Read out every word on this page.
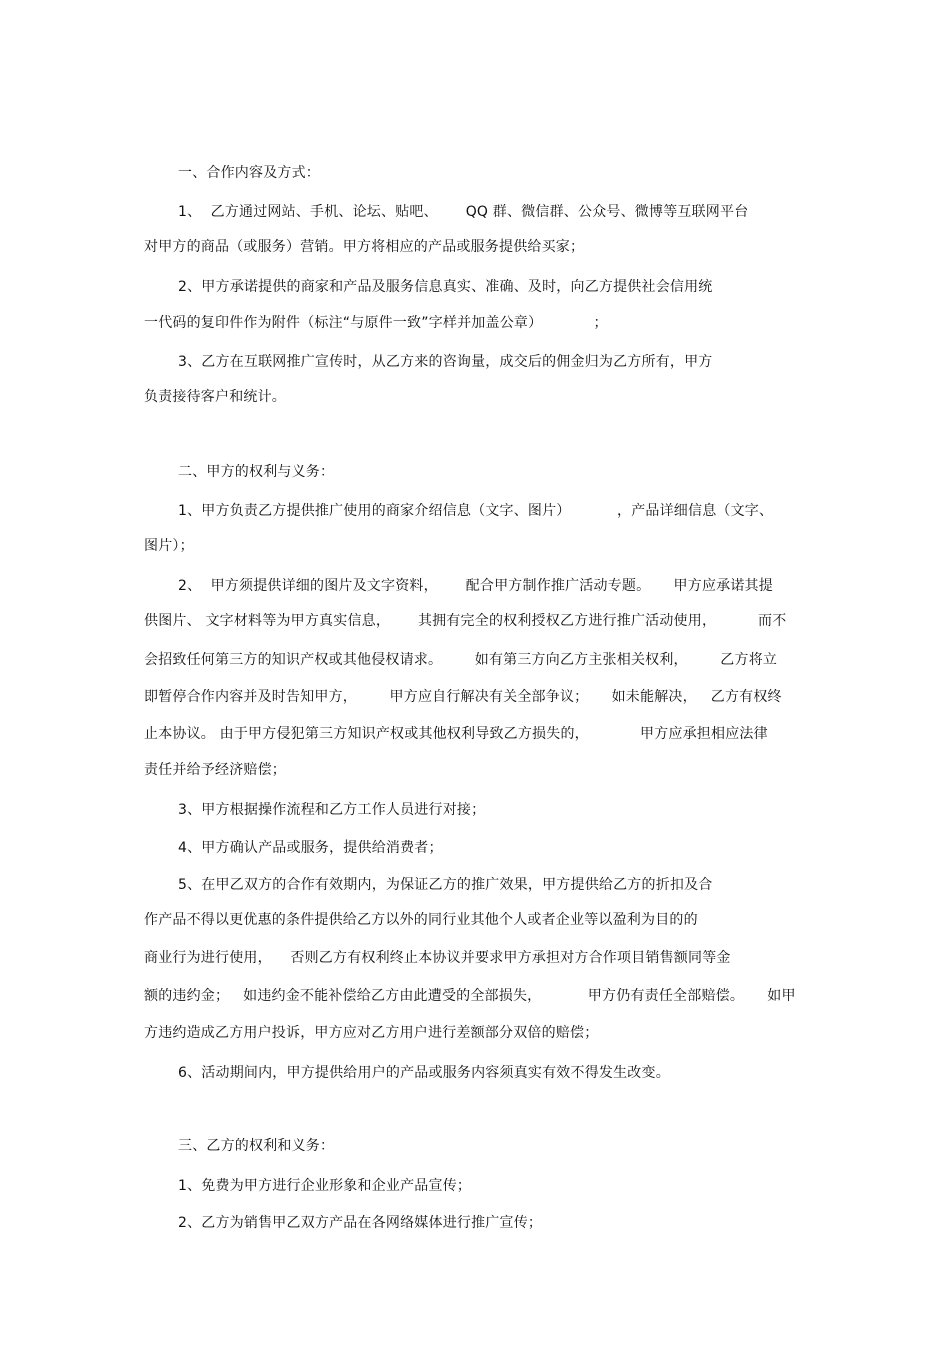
一、合作内容及方式：
1、  乙方通过网站、手机、论坛、贴吧、      QQ 群、微信群、公众号、微博等互联网平台
对甲方的商品（或服务）营销。甲方将相应的产品或服务提供给买家；
2、甲方承诺提供的商家和产品及服务信息真实、准确、及时，向乙方提供社会信用统
一代码的复印件作为附件（标注“与原件一致”字样并加盖公章）           ；
3、乙方在互联网推广宣传时，从乙方来的咨询量，成交后的佣金归为乙方所有，甲方
负责接待客户和统计。
二、甲方的权利与义务：
1、甲方负责乙方提供推广使用的商家介绍信息（文字、图片）          ，产品详细信息（文字、
图片）；
2、  甲方须提供详细的图片及文字资料，      配合甲方制作推广活动专题。     甲方应承诺其提
供图片、 文字材料等为甲方真实信息，      其拥有完全的权利授权乙方进行推广活动使用，         而不
会招致任何第三方的知识产权或其他侵权请求。       如有第三方向乙方主张相关权利，       乙方将立
即暂停合作内容并及时告知甲方，       甲方应自行解决有关全部争议；     如未能解决，   乙方有权终
止本协议。 由于甲方侵犯第三方知识产权或其他权利导致乙方损失的，           甲方应承担相应法律
责任并给予经济赔偿；
3、甲方根据操作流程和乙方工作人员进行对接；
4、甲方确认产品或服务，提供给消费者；
5、在甲乙双方的合作有效期内，为保证乙方的推广效果，甲方提供给乙方的折扣及合
作产品不得以更优惠的条件提供给乙方以外的同行业其他个人或者企业等以盈利为目的的
商业行为进行使用，    否则乙方有权利终止本协议并要求甲方承担对方合作项目销售额同等金
额的违约金；   如违约金不能补偿给乙方由此遭受的全部损失，          甲方仍有责任全部赔偿。     如甲
方违约造成乙方用户投诉，甲方应对乙方用户进行差额部分双倍的赔偿；
6、活动期间内，甲方提供给用户的产品或服务内容须真实有效不得发生改变。
三、乙方的权利和义务：
1、免费为甲方进行企业形象和企业产品宣传；
2、乙方为销售甲乙双方产品在各网络媒体进行推广宣传；
